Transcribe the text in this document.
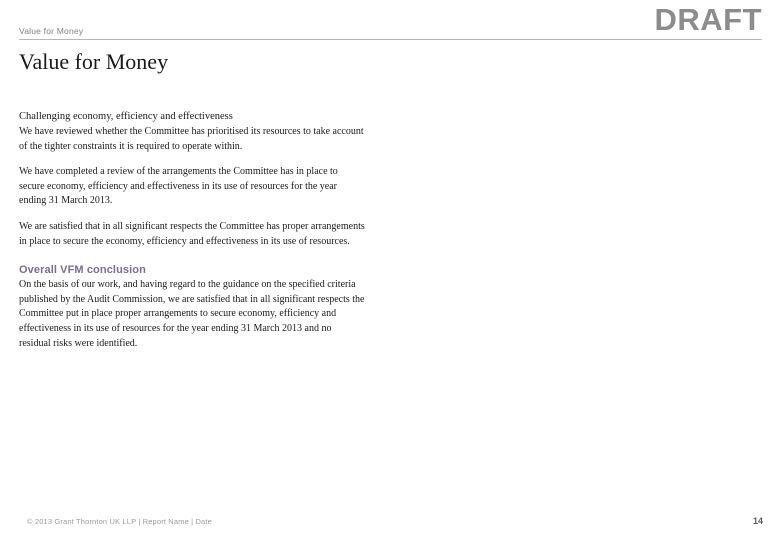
Value for Money	DRAFT
Value for Money

Challenging economy, efficiency and effectiveness

We have reviewed whether the Committee has prioritised its resources to take account of the tighter constraints it is required to operate within.

We have completed a review of the arrangements the Committee has in place to secure economy, efficiency and effectiveness in its use of resources for the year ending 31 March 2013.

We are satisfied that in all significant respects the Committee has proper arrangements in place to secure the economy, efficiency and effectiveness in its use of resources.

Overall VFM conclusion

On the basis of our work, and having regard to the guidance on the specified criteria published by the Audit Commission, we are satisfied that in all significant respects the Committee put in place proper arrangements to secure economy, efficiency and effectiveness in its use of resources for the year ending 31 March 2013 and no residual risks were identified.

© 2013 Grant Thornton UK LLP | Report Name | Date	14
